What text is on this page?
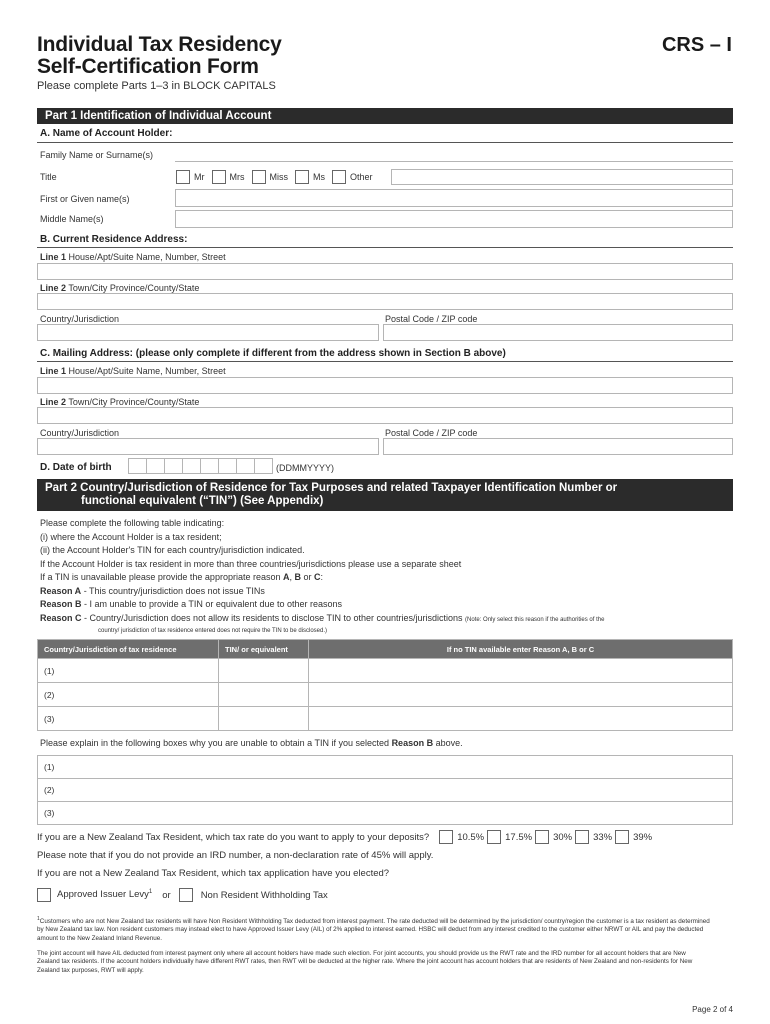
Individual Tax Residency
Self-Certification Form
CRS – I
Please complete Parts 1–3 in BLOCK CAPITALS
Part 1 Identification of Individual Account
A. Name of Account Holder:
Family Name or Surname(s)
Title	Mr	Mrs	Miss	Ms	Other
First or Given name(s)
Middle Name(s)
B. Current Residence Address:
Line 1 House/Apt/Suite Name, Number, Street
Line 2 Town/City Province/County/State
Country/Jurisdiction	Postal Code / ZIP code
C. Mailing Address: (please only complete if different from the address shown in Section B above)
Line 1 House/Apt/Suite Name, Number, Street
Line 2 Town/City Province/County/State
Country/Jurisdiction	Postal Code / ZIP code
D. Date of birth	(DDMMYYYY)
Part 2 Country/Jurisdiction of Residence for Tax Purposes and related Taxpayer Identification Number or
functional equivalent (“TIN”) (See Appendix)
Please complete the following table indicating:
(i) where the Account Holder is a tax resident;
(ii) the Account Holder's TIN for each country/jurisdiction indicated.
If the Account Holder is tax resident in more than three countries/jurisdictions please use a separate sheet
If a TIN is unavailable please provide the appropriate reason A, B or C:
Reason A - This country/jurisdiction does not issue TINs
Reason B - I am unable to provide a TIN or equivalent due to other reasons
Reason C - Country/Jurisdiction does not allow its residents to disclose TIN to other countries/jurisdictions (Note: Only select this reason if the authorities of the
country/ jurisdiction of tax residence entered does not require the TIN to be disclosed.)
Country/Jurisdiction of tax residence	TIN/ or equivalent	If no TIN available enter Reason A, B or C
(1)		
(2)		
(3)		
Please explain in the following boxes why you are unable to obtain a TIN if you selected Reason B above.
(1)
(2)
(3)
If you are a New Zealand Tax Resident, which tax rate do you want to apply to your deposits?	10.5% 17.5% 30% 33% 39%
Please note that if you do not provide an IRD number, a non-declaration rate of 45% will apply.
If you are not a New Zealand Tax Resident, which tax application have you elected?
Approved Issuer Levy$^1$ or	Non Resident Withholding Tax
$^1$Customers who are not New Zealand tax residents will have Non Resident Withholding Tax deducted from interest payment. The rate deducted will be determined by the jurisdiction/ country/region the customer is a tax resident as determined by New Zealand tax law. Non resident customers may instead elect to have Approved Issuer Levy (AIL) of 2% applied to interest earned. HSBC will deduct from any interest credited to the customer either NRWT or AIL and pay the deducted amount to the New Zealand Inland Revenue.
The joint account will have AIL deducted from interest payment only where all account holders have made such election. For joint accounts, you should provide us the RWT rate and the IRD number for all account holders that are New Zealand tax residents. If the account holders individually have different RWT rates, then RWT will be deducted at the higher rate. Where the joint account has account holders that are residents of New Zealand and non-residents for New Zealand tax purposes, RWT will apply.
Page 2 of 4
